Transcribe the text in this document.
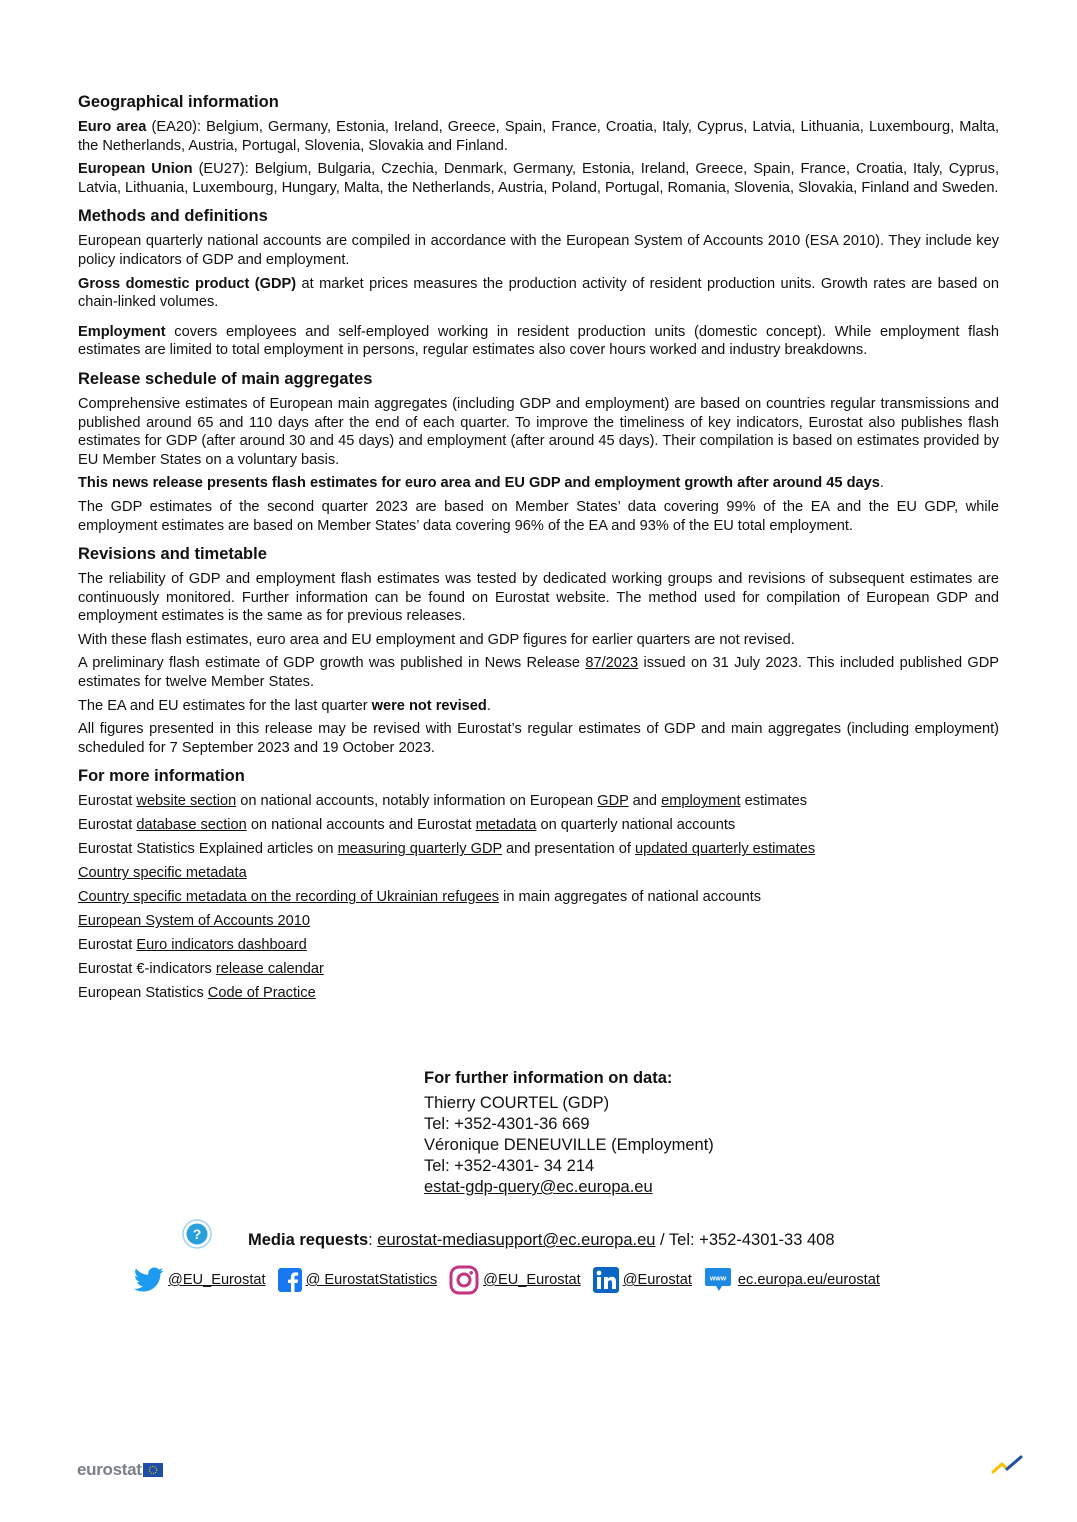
Geographical information

Euro area (EA20): Belgium, Germany, Estonia, Ireland, Greece, Spain, France, Croatia, Italy, Cyprus, Latvia, Lithuania, Luxembourg, Malta, the Netherlands, Austria, Portugal, Slovenia, Slovakia and Finland.

European Union (EU27): Belgium, Bulgaria, Czechia, Denmark, Germany, Estonia, Ireland, Greece, Spain, France, Croatia, Italy, Cyprus, Latvia, Lithuania, Luxembourg, Hungary, Malta, the Netherlands, Austria, Poland, Portugal, Romania, Slovenia, Slovakia, Finland and Sweden.

Methods and definitions

European quarterly national accounts are compiled in accordance with the European System of Accounts 2010 (ESA 2010). They include key policy indicators of GDP and employment.

Gross domestic product (GDP) at market prices measures the production activity of resident production units. Growth rates are based on chain-linked volumes.

Employment covers employees and self-employed working in resident production units (domestic concept). While employment flash estimates are limited to total employment in persons, regular estimates also cover hours worked and industry breakdowns.

Release schedule of main aggregates

Comprehensive estimates of European main aggregates (including GDP and employment) are based on countries regular transmissions and published around 65 and 110 days after the end of each quarter. To improve the timeliness of key indicators, Eurostat also publishes flash estimates for GDP (after around 30 and 45 days) and employment (after around 45 days). Their compilation is based on estimates provided by EU Member States on a voluntary basis.

This news release presents flash estimates for euro area and EU GDP and employment growth after around 45 days.

The GDP estimates of the second quarter 2023 are based on Member States’ data covering 99% of the EA and the EU GDP, while employment estimates are based on Member States’ data covering 96% of the EA and 93% of the EU total employment.

Revisions and timetable

The reliability of GDP and employment flash estimates was tested by dedicated working groups and revisions of subsequent estimates are continuously monitored. Further information can be found on Eurostat website. The method used for compilation of European GDP and employment estimates is the same as for previous releases.

With these flash estimates, euro area and EU employment and GDP figures for earlier quarters are not revised.

A preliminary flash estimate of GDP growth was published in News Release 87/2023 issued on 31 July 2023. This included published GDP estimates for twelve Member States.

The EA and EU estimates for the last quarter were not revised.

All figures presented in this release may be revised with Eurostat’s regular estimates of GDP and main aggregates (including employment) scheduled for 7 September 2023 and 19 October 2023.

For more information

Eurostat website section on national accounts, notably information on European GDP and employment estimates

Eurostat database section on national accounts and Eurostat metadata on quarterly national accounts

Eurostat Statistics Explained articles on measuring quarterly GDP and presentation of updated quarterly estimates

Country specific metadata

Country specific metadata on the recording of Ukrainian refugees in main aggregates of national accounts

European System of Accounts 2010

Eurostat Euro indicators dashboard

Eurostat €-indicators release calendar

European Statistics Code of Practice

For further information on data:
Thierry COURTEL (GDP)
Tel: +352-4301-36 669
Véronique DENEUVILLE (Employment)
Tel: +352-4301- 34 214
estat-gdp-query@ec.europa.eu
?	Media requests: eurostat-mediasupport@ec.europa.eu / Tel: +352-4301-33 408
@EU_Eurostat	@ EurostatStatistics	@EU_Eurostat	@Eurostat	www ec.europa.eu/eurostat
eurostat
